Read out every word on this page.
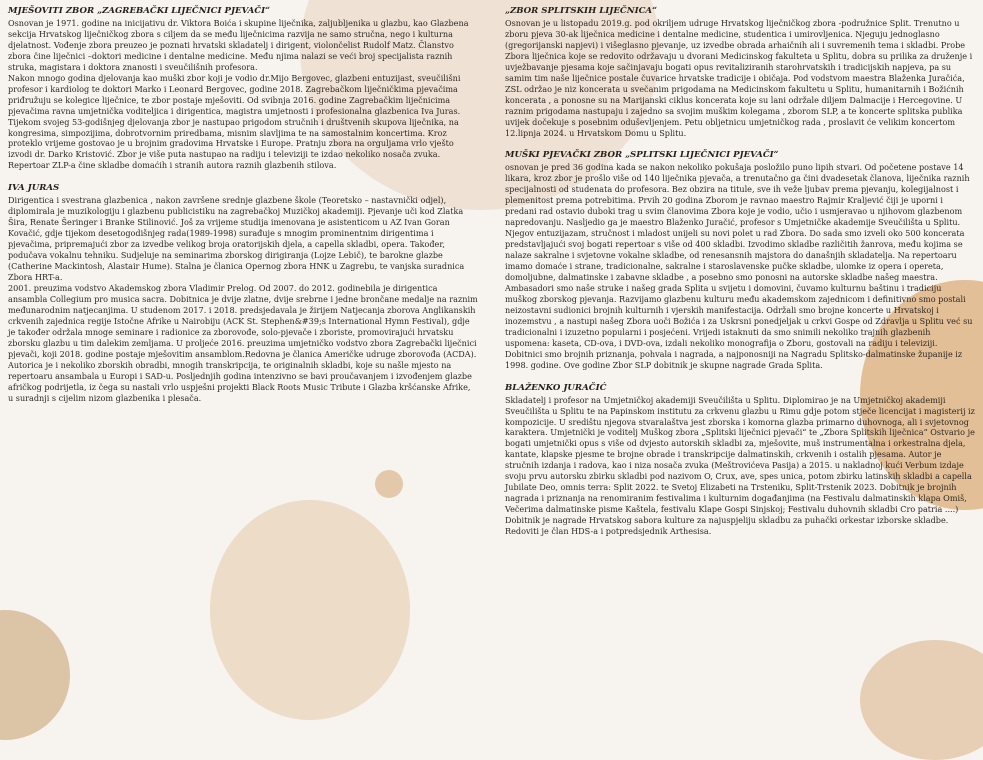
MJEŠOVITI ZBOR „ZAGREBAČKI LIJEČNICI PJEVAČI“

Osnovan je 1971. godine na inicijativu dr. Viktora Boića i skupine liječnika, zaljubljenika u glazbu, kao Glazbena sekcija Hrvatskog liječničkog zbora s ciljem da se među liječnicima razvija ne samo stručna, nego i kulturna djelatnost. Vođenje zbora preuzeo je poznati hrvatski skladatelj i dirigent, violončelist Rudolf Matz. Članstvo zbora čine liječnici –doktori medicine i dentalne medicine. Među njima nalazi se veći broj specijalista raznih struka, magistara i doktora znanosti i sveučilišnih profesora.

Nakon mnogo godina djelovanja kao muški zbor koji je vodio dr.Mijo Bergovec, glazbeni entuzijast, sveučilišni profesor i kardiolog te doktori Marko i Leonard Bergovec, godine 2018. Zagrebačkom liječničkima pjevačima priđružuju se kolegice liječnice, te zbor postaje mješoviti. Od svibnja 2016. godine Zagrebačkim liječnicima pjevačima ravna umjetnička voditeljica i dirigentica, magistra umjetnosti i profesionalna glazbenica Iva Juras.

Tijekom svojeg 53-godišnjeg djelovanja zbor je nastupao prigodom stručnih i društvenih skupova liječnika, na kongresima, simpozijima, dobrotvornim priredbama, misnim slavljima te na samostalnim koncertima. Kroz proteklo vrijeme gostovao je u brojnim gradovima Hrvatske i Europe. Pratnju zbora na orguljama vrlo vješto izvodi dr. Darko Kristović. Zbor je više puta nastupao na radiju i televiziji te izdao nekoliko nosača zvuka. Repertoar ZLP-a čine skladbe domaćih i stranih autora raznih glazbenih stilova.

IVA JURAS

Dirigentica i svestrana glazbenica , nakon završene srednje glazbene škole (Teoretsko – nastavnički odjel), diplomirala je muzikologiju i glazbenu publicistiku na zagrebačkoj Muzičkoj akademiji. Pjevanje uči kod Zlatka Šira, Renate Šeringer i Branke Stilinović. Još za vrijeme studija imenovana je asistenticom u AZ Ivan Goran Kovačić, gdje tijekom desetogodišnjeg rada(1989-1998) surađuje s mnogim prominentnim dirigentima i pjevačima, pripremajući zbor za izvedbe velikog broja oratorijskih djela, a capella skladbi, opera. Također, podučava vokalnu tehniku. Sudjeluje na seminarima zborskog dirigiranja (Lojze Lebič), te barokne glazbe (Catherine Mackintosh, Alastair Hume). Stalna je članica Opernog zbora HNK u Zagrebu, te vanjska suradnica Zbora HRT-a.

2001. preuzima vodstvo Akademskog zbora Vladimir Prelog. Od 2007. do 2012. godinebila je dirigentica ansambla Collegium pro musica sacra. Dobitnica je dvije zlatne, dvije srebrne i jedne brončane medalje na raznim međunarodnim natjecanjima. U studenom 2017. i 2018. predsjedavala je žirijem Natjecanja zborova Anglikanskih crkvenih zajednica regije Istočne Afrike u Nairobiju (ACK St. Stephen&#39;s International Hymn Festival), gdje je također održala mnoge seminare i radionice za zborovođe, solo-pjevače i zboriste, promovirajući hrvatsku zborsku glazbu u tim dalekim zemljama. U proljeće 2016. preuzima umjetničko vodstvo zbora Zagrebački liječnici pjevači, koji 2018. godine postaje mješovitim ansamblom.Redovna je članica Američke udruge zborovođa (ACDA). Autorica je i nekoliko zborskih obradbi, mnogih transkripcija, te originalnih skladbi, koje su našle mjesto na repertoaru ansambala u Europi i SAD-u. Posljednjih godina intenzivno se bavi proučavanjem i izvođenjem glazbe afričkog podrijetla, iz čega su nastali vrlo uspješni projekti Black Roots Music Tribute i Glazba kršćanske Afrike, u suradnji s cijelim nizom glazbenika i plesača.

„ZBOR SPLITSKIH LIJEČNICA“

Osnovan je u listopadu 2019.g. pod okriljem udruge Hrvatskog liječničkog zbora -podružnice Split. Trenutno u zboru pjeva 30-ak liječnica medicine i dentalne medicine, studentica i umirovljenica. Njeguju jednoglasno (gregorijanski napjevi) i višeglasno pjevanje, uz izvedbe obrada arhaičnih ali i suvremenih tema i skladbi. Probe Zbora liječnica koje se redovito održavaju u dvorani Medicinskog fakulteta u Splitu, dobra su prilika za druženje i uvježbavanje pjesama koje sačinjavaju bogati opus revitaliziranih starohrvatskih i tradicijskih napjeva, pa su samim tim naše liječnice postale čuvarice hrvatske tradicije i običaja. Pod vodstvom maestra Blaženka Juračića, ZSL održao je niz koncerata u svečanim prigodama na Medicinskom fakultetu u Splitu, humanitarnih i Božićnih koncerata , a ponosne su na Marijanski ciklus koncerata koje su lani održale diljem Dalmacije i Hercegovine. U raznim prigodama nastupaju i zajedno sa svojim muškim kolegama , zborom SLP, a te koncerte splitska publika uvijek dočekuje s posebnim oduševljenjem. Petu obljetnicu umjetničkog rada , proslavit će velikim koncertom 12.lipnja 2024. u Hrvatskom Domu u Splitu.

MUŠKI PJEVAČKI ZBOR „SPLITSKI LIJEČNICI PJEVAČI“

osnovan je pred 36 godina kada se nakon nekoliko pokušaja posložilo puno lipih stvari. Od početene postave 14 likara, kroz zbor je prošlo više od 140 liječnika pjevača, a trenutačno ga čini dvadesetak članova, liječnika raznih specijalnosti od studenata do profesora. Bez obzira na titule, sve ih veže ljubav prema pjevanju, kolegijalnost i plemenitost prema potrebitima. Prvih 20 godina Zborom je ravnao maestro Rajmir Kraljević čiji je uporni i predani rad ostavio duboki trag u svim članovima Zbora koje je vodio, učio i usmjeravao u njihovom glazbenom napredovanju. Nasljedio ga je maestro Blaženko Juračić, profesor s Umjetničke akademije Sveučilišta u Splitu. Njegov entuzijazam, stručnost i mladost unijeli su novi polet u rad Zbora. Do sada smo izveli oko 500 koncerata predstavljajući svoj bogati repertoar s više od 400 skladbi. Izvodimo skladbe različitih žanrova, među kojima se nalaze sakralne i svjetovne vokalne skladbe, od renesansnih majstora do današnjih skladatelja. Na repertoaru imamo domaće i strane, tradicionalne, sakralne i staroslavenske pučke skladbe, ulomke iz opera i opereta, domoljubne, dalmatinske i zabavne skladbe , a posebno smo ponosni na autorske skladbe našeg maestra. Ambasadori smo naše struke i našeg grada Splita u svijetu i domovini, čuvamo kulturnu baštinu i tradiciju muškog zborskog pjevanja. Razvijamo glazbenu kulturu među akademskom zajednicom i definitivno smo postali neizostavni sudionici brojnih kulturnih i vjerskih manifestacija. Održali smo brojne koncerte u Hrvatskoj i inozemstvu , a nastupi našeg Zbora uoči Božića i za Uskrsni ponedjeljak u crkvi Gospe od Zdravlja u Splitu već su tradicionalni i izuzetno popularni i posjećeni. Vrijedi istaknuti da smo snimili nekoliko trajnih glazbenih uspomena: kaseta, CD-ova, i DVD-ova, izdali nekoliko monografija o Zboru, gostovali na radiju i televiziji. Dobitnici smo brojnih priznanja, pohvala i nagrada, a najponosniji na Nagradu Splitsko-dalmatinske županije iz 1998. godine. Ove godine Zbor SLP dobitnik je skupne nagrade Grada Splita.

BLAŽENKO JURAČIĆ

Skladatelj i profesor na Umjetničkoj akademiji Sveučilišta u Splitu. Diplomirao je na Umjetničkoj akademiji Sveučilišta u Splitu te na Papinskom institutu za crkvenu glazbu u Rimu gdje potom stječe licencijat i magisterij iz kompozicije. U središtu njegova stvaralaštva jest zborska i komorna glazba primarno duhovnoga, ali i svjetovnog karaktera. Umjetnički je voditelj Muškog zbora „Splitski liječnici pjevači“ te „Zbora Splitskih liječnica“ Ostvario je bogati umjetnički opus s više od dvjesto autorskih skladbi za, mješovite, muš instrumentalna i orkestralna djela, kantate, klapske pjesme te brojne obrade i transkripcije dalmatinskih, crkvenih i ostalih pjesama. Autor je stručnih izdanja i radova, kao i niza nosača zvuka (Meštrovićeva Pasija) a 2015. u nakladnoj kući Verbum izdaje svoju prvu autorsku zbirku skladbi pod nazivom O, Crux, ave, spes unica, potom zbirku latinskih skladbi a capella Jubilate Deo, omnis terra: Split 2022. te Svetoj Elizabeti na Trsteniku, Split-Trstenik 2023. Dobitnik je brojnih nagrada i priznanja na renomiranim festivalima i kulturnim događanjima (na Festivalu dalmatinskih klapa Omiš, Večerima dalmatinske pisme Kaštela, festivalu Klape Gospi Sinjskoj; Festivalu duhovnih skladbi Cro patria ....) Dobitnik je nagrade Hrvatskog sabora kulture za najuspjeliju skladbu za puhački orkestar izborske skladbe. Redoviti je član HDS-a i potpredsjednik Arthesisa.
